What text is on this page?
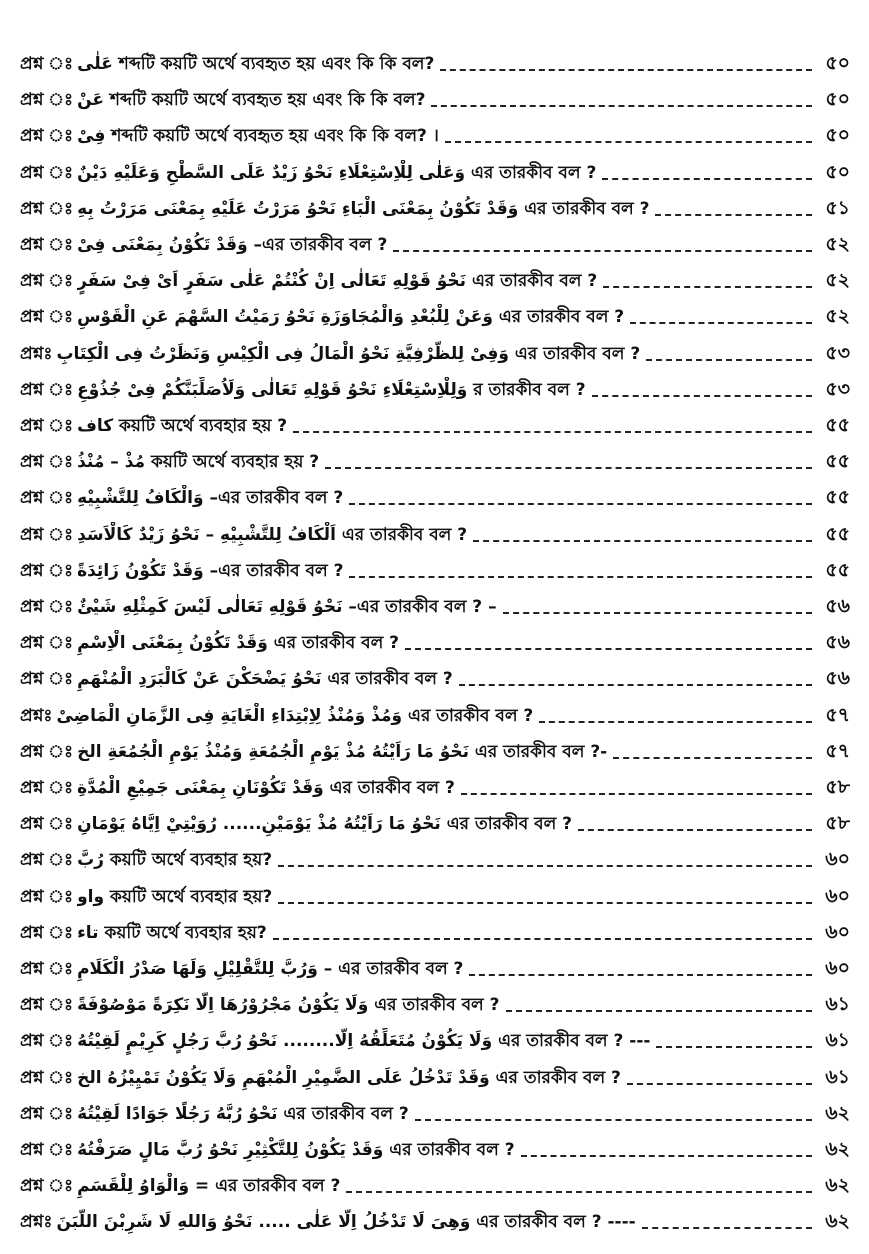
প্রশ্ন ঃ عَلٰى শব্দটি কয়টি অর্থে ব্যবহৃত হয় এবং কি কি বল?	৫০
প্রশ্ন ঃ عَنْ শব্দটি কয়টি অর্থে ব্যবহৃত হয় এবং কি কি বল?	৫০
প্রশ্ন ঃ فِىْ শব্দটি কয়টি অর্থে ব্যবহৃত হয় এবং কি কি বল? ।	৫০
প্রশ্ন ঃ وَعَلٰى لِلْاِسْتِعْلَاءِ نَحْوُ زَيْدٌ عَلَى السَّطْحِ وَعَلَيْهِ دَيْنٌ এর তারকীব বল ?	৫০
প্রশ্ন ঃ وَقَدْ تَكُوْنُ بِمَعْنَى الْبَاءِ نَحْوُ مَرَرْتُ عَلَيْهِ بِمَعْنَى مَرَرْتُ بِهِ এর তারকীব বল ?	৫১
প্রশ্ন ঃ وَقَدْ تَكُوْنُ بِمَعْنَى فِىْ –এর তারকীব বল ?	৫২
প্রশ্ন ঃ نَحْوُ قَوْلِهِ تَعَالٰى اِنْ كُنْتُمْ عَلٰى سَفَرٍ اَىْ فِىْ سَفَرٍ এর তারকীব বল ?	৫২
প্রশ্ন ঃ وَعَنْ لِلْبُعْدِ وَالْمُجَاوَزَةِ نَحْوُ رَمَيْتُ السَّهْمَ عَنِ الْقَوْسِ এর তারকীব বল ?	৫২
প্রশ্নঃ وَفِىْ لِلظَّرْفِيَّةِ نَحْوُ الْمَالُ فِى الْكِيْسِ وَنَظَرْتُ فِى الْكِتَابِ এর তারকীব বল ?	৫৩
প্রশ্ন ঃ وَلِلْاِسْتِعْلَاءِ نَحْوُ قَوْلِهِ تَعَالٰى وَلَاُصَلِّبَنَّكُمْ فِىْ جُذُوْعِ র তারকীব বল ?	৫৩
প্রশ্ন ঃ كاف কয়টি অর্থে ব্যবহার হয় ?	৫৫
প্রশ্ন ঃ مُذْ – مُنْذُ কয়টি অর্থে ব্যবহার হয় ?	৫৫
প্রশ্ন ঃ وَالْكَافُ لِلتَّشْبِيْهِ –এর তারকীব বল ?	৫৫
প্রশ্ন ঃ اَلْكَافُ لِلتَّشْبِيْهِ – نَحْوُ زَيْدٌ كَالْاَسَدِ এর তারকীব বল ?	৫৫
প্রশ্ন ঃ وَقَدْ تَكُوْنُ زَائِدَةً –এর তারকীব বল ?	৫৫
প্রশ্ন ঃ نَحْوُ قَوْلِهِ تَعَالٰى لَيْسَ كَمِثْلِهِ شَيْئٌ –এর তারকীব বল ? –	৫৬
প্রশ্ন ঃ وَقَدْ تَكُوْنُ بِمَعْنَى الْاِسْمِ এর তারকীব বল ?	৫৬
প্রশ্ন ঃ نَحْوُ يَضْحَكْنَ عَنْ كَالْبَرَدِ الْمُنْهَمِ এর তারকীব বল ?	৫৬
প্রশ্নঃ وَمُذْ وَمُنْذُ لِاِبْتِدَاءِ الْغَايَةِ فِى الزَّمَانِ الْمَاضِىْ এর তারকীব বল ?	৫৭
প্রশ্ন ঃ نَحْوُ مَا رَاَيْتُهُ مُذْ يَوْمِ الْجُمُعَةِ وَمُنْذُ يَوْمِ الْجُمُعَةِ الخ এর তারকীব বল ?-	৫৭
প্রশ্ন ঃ وَقَدْ تَكُوْنَانِ بِمَعْنَى جَمِيْعِ الْمُدَّةِ এর তারকীব বল ?	৫৮
প্রশ্ন ঃ نَحْوُ مَا رَاَيْتُهُ مُذْ يَوْمَيْنِ...... رُوَيْتِيْ اِيَّاهُ يَوْمَانِ এর তারকীব বল ?	৫৮
প্রশ্ন ঃ رُبَّ কয়টি অর্থে ব্যবহার হয়?	৬০
প্রশ্ন ঃ واو কয়টি অর্থে ব্যবহার হয়?	৬০
প্রশ্ন ঃ تاء কয়টি অর্থে ব্যবহার হয়?	৬০
প্রশ্ন ঃ وَرُبَّ لِلتَّقْلِيْلِ وَلَهَا صَدْرُ الْكَلَامِ – এর তারকীব বল ?	৬০
প্রশ্ন ঃ وَلَا يَكُوْنُ مَجْرُوْرُهَا اِلَّا نَكِرَةً مَوْصُوْفَةً এর তারকীব বল ?	৬১
প্রশ্ন ঃ وَلَا يَكُوْنُ مُتَعَلِّقُهُ اِلَّا........ نَحْوُ رُبَّ رَجُلٍ كَرِيْمٍ لَقِيْتُهُ এর তারকীব বল ? ---	৬১
প্রশ্ন ঃ وَقَدْ تَدْخُلُ عَلَى الضَّمِيْرِ الْمُبْهَمِ وَلَا يَكُوْنُ تَمْيِيْزُهُ الخ এর তারকীব বল ?	৬১
প্রশ্ন ঃ نَحْوُ رُبَّهُ رَجُلًا جَوَادًا لَقِيْتُهُ এর তারকীব বল ?	৬২
প্রশ্ন ঃ وَقَدْ يَكُوْنُ لِلتَّكْثِيْرِ نَحْوُ رُبَّ مَالٍ صَرَفْتُهُ এর তারকীব বল ?	৬২
প্রশ্ন ঃ وَالْوَاوُ لِلْقَسَمِ = এর তারকীব বল ?	৬২
প্রশ্নঃ وَهِىَ لَا تَدْخُلُ اِلَّا عَلٰى ..... نَحْوُ وَاللهِ لَا شَرِبْنَ اللَّبَنَ এর তারকীব বল ? ----	৬২
